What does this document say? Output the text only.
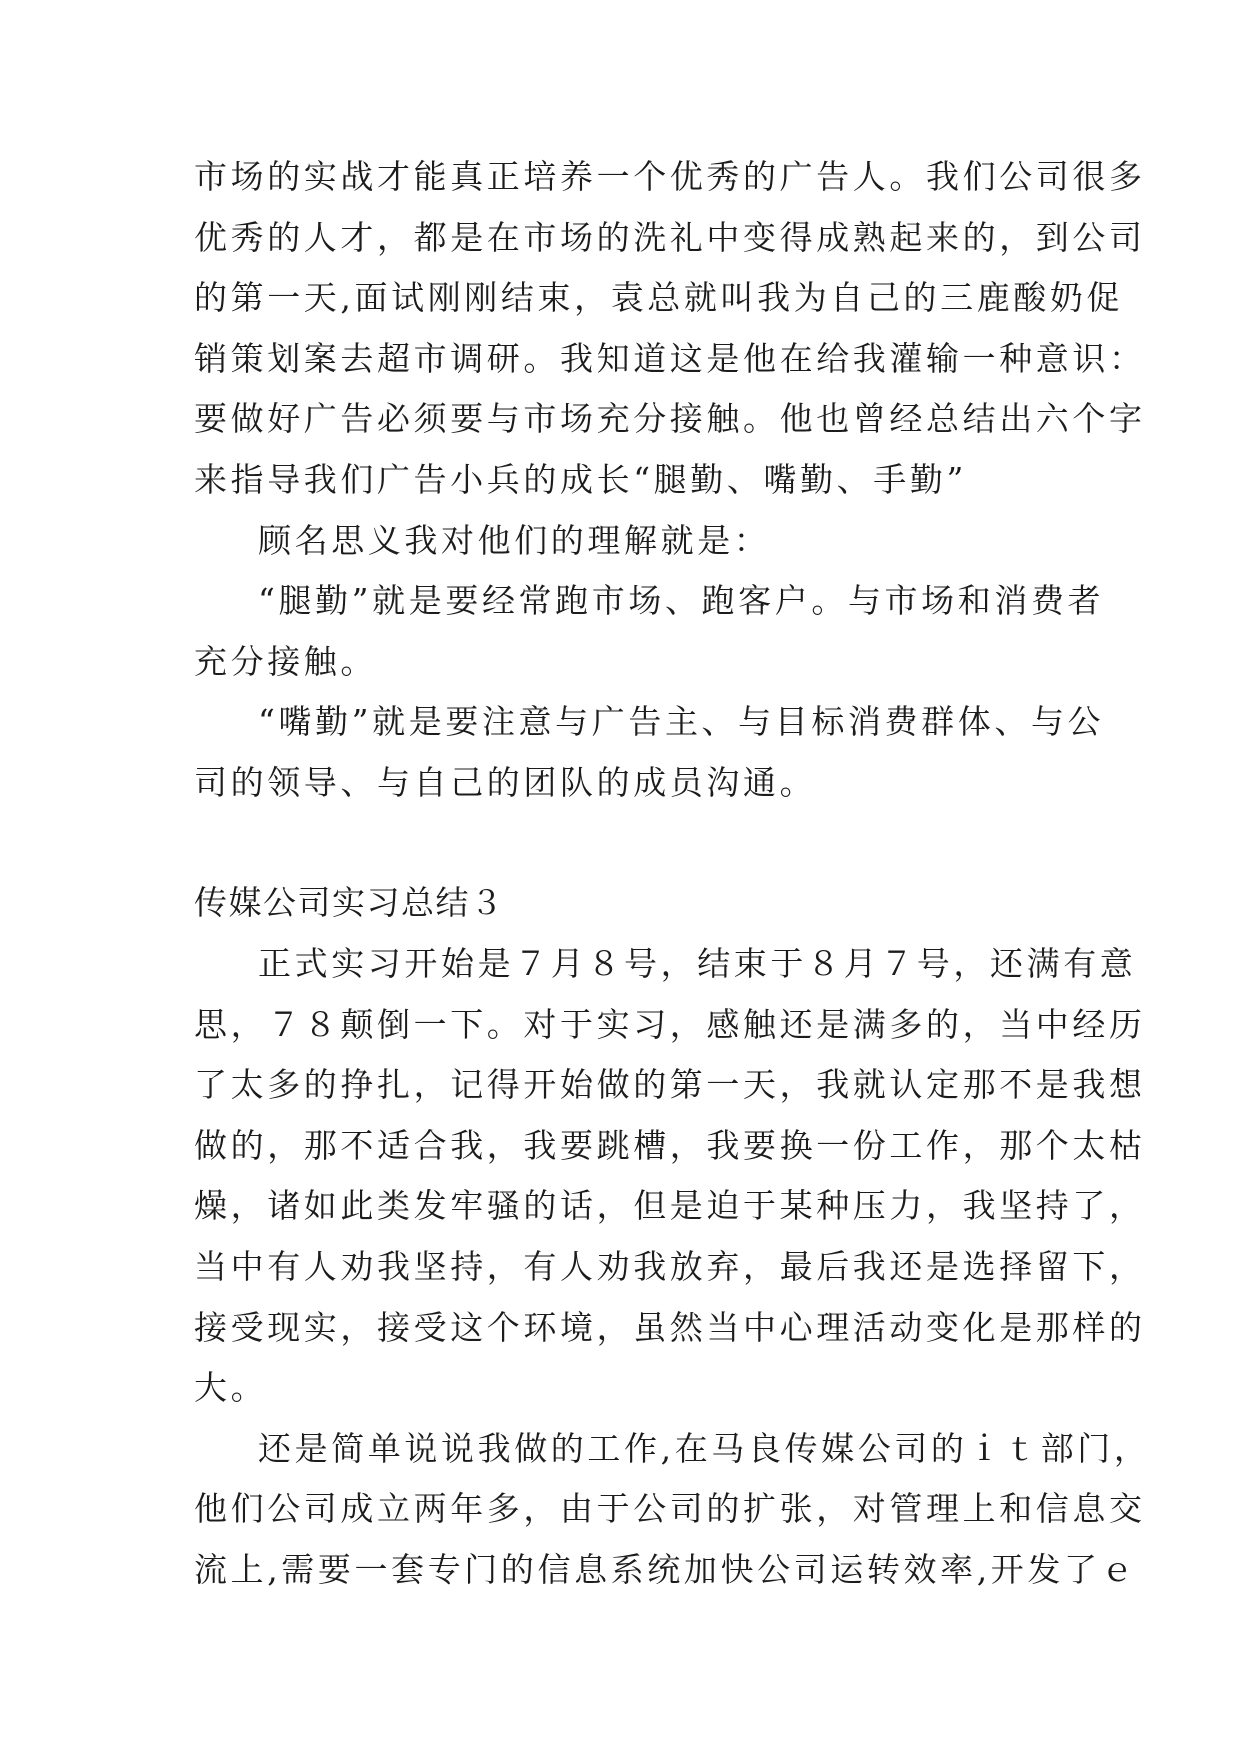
市场的实战才能真正培养一个优秀的广告人。我们公司很多
优秀的人才，都是在市场的洗礼中变得成熟起来的，到公司
的第一天,面试刚刚结束，袁总就叫我为自己的三鹿酸奶促
销策划案去超市调研。我知道这是他在给我灌输一种意识：
要做好广告必须要与市场充分接触。他也曾经总结出六个字
来指导我们广告小兵的成长“腿勤、嘴勤、手勤”
顾名思义我对他们的理解就是：
“腿勤”就是要经常跑市场、跑客户。与市场和消费者
充分接触。
“嘴勤”就是要注意与广告主、与目标消费群体、与公
司的领导、与自己的团队的成员沟通。
传媒公司实习总结３
正式实习开始是７月８号，结束于８月７号，还满有意
思，７８颠倒一下。对于实习，感触还是满多的，当中经历
了太多的挣扎，记得开始做的第一天，我就认定那不是我想
做的，那不适合我，我要跳槽，我要换一份工作，那个太枯
燥，诸如此类发牢骚的话，但是迫于某种压力，我坚持了，
当中有人劝我坚持，有人劝我放弃，最后我还是选择留下，
接受现实，接受这个环境，虽然当中心理活动变化是那样的
大。
还是简单说说我做的工作,在马良传媒公司的ｉｔ部门，
他们公司成立两年多，由于公司的扩张，对管理上和信息交
流上,需要一套专门的信息系统加快公司运转效率,开发了ｅ
